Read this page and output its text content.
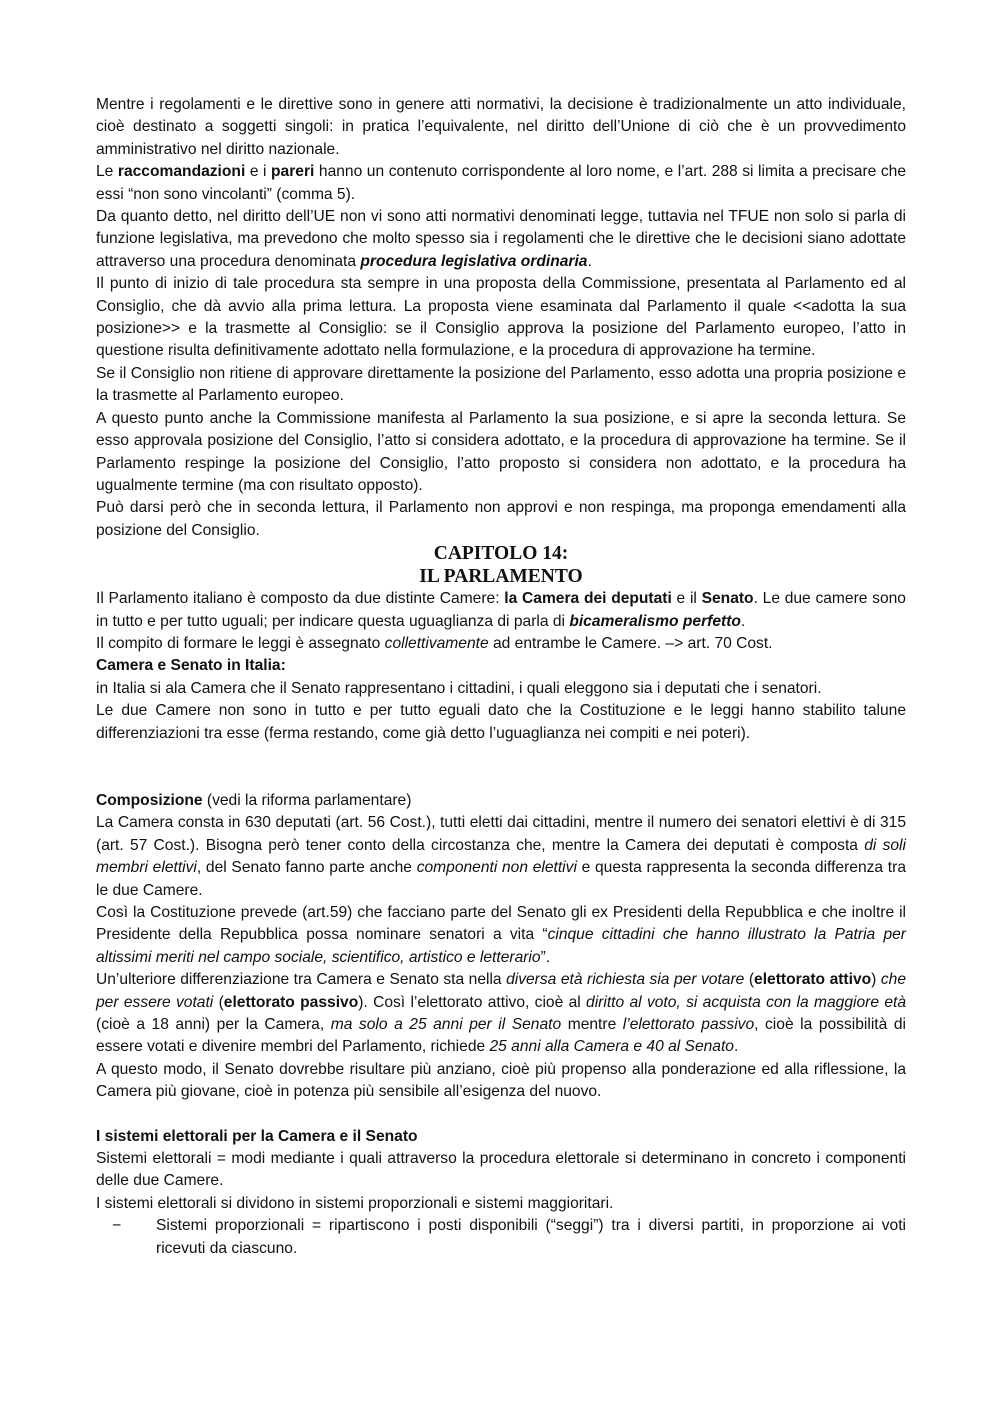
Mentre i regolamenti e le direttive sono in genere atti normativi, la decisione è tradizionalmente un atto individuale, cioè destinato a soggetti singoli: in pratica l’equivalente, nel diritto dell’Unione di ciò che è un provvedimento amministrativo nel diritto nazionale.

Le raccomandazioni e i pareri hanno un contenuto corrispondente al loro nome, e l’art. 288 si limita a precisare che essi “non sono vincolanti” (comma 5).

Da quanto detto, nel diritto dell’UE non vi sono atti normativi denominati legge, tuttavia nel TFUE non solo si parla di funzione legislativa, ma prevedono che molto spesso sia i regolamenti che le direttive che le decisioni siano adottate attraverso una procedura denominata procedura legislativa ordinaria.

Il punto di inizio di tale procedura sta sempre in una proposta della Commissione, presentata al Parlamento ed al Consiglio, che dà avvio alla prima lettura. La proposta viene esaminata dal Parlamento il quale <<adotta la sua posizione>> e la trasmette al Consiglio: se il Consiglio approva la posizione del Parlamento europeo, l’atto in questione risulta definitivamente adottato nella formulazione, e la procedura di approvazione ha termine.

Se il Consiglio non ritiene di approvare direttamente la posizione del Parlamento, esso adotta una propria posizione e la trasmette al Parlamento europeo.

A questo punto anche la Commissione manifesta al Parlamento la sua posizione, e si apre la seconda lettura. Se esso approvala posizione del Consiglio, l’atto si considera adottato, e la procedura di approvazione ha termine. Se il Parlamento respinge la posizione del Consiglio, l’atto proposto si considera non adottato, e la procedura ha ugualmente termine (ma con risultato opposto).

Può darsi però che in seconda lettura, il Parlamento non approvi e non respinga, ma proponga emendamenti alla posizione del Consiglio.

CAPITOLO 14:
IL PARLAMENTO

Il Parlamento italiano è composto da due distinte Camere: la Camera dei deputati e il Senato. Le due camere sono in tutto e per tutto uguali; per indicare questa uguaglianza di parla di bicameralismo perfetto.

Il compito di formare le leggi è assegnato collettivamente ad entrambe le Camere. –> art. 70 Cost.

Camera e Senato in Italia:

in Italia si ala Camera che il Senato rappresentano i cittadini, i quali eleggono sia i deputati che i senatori.

Le due Camere non sono in tutto e per tutto eguali dato che la Costituzione e le leggi hanno stabilito talune differenziazioni tra esse (ferma restando, come già detto l’uguaglianza nei compiti e nei poteri).

Composizione (vedi la riforma parlamentare)

La Camera consta in 630 deputati (art. 56 Cost.), tutti eletti dai cittadini, mentre il numero dei senatori elettivi è di 315 (art. 57 Cost.). Bisogna però tener conto della circostanza che, mentre la Camera dei deputati è composta di soli membri elettivi, del Senato fanno parte anche componenti non elettivi e questa rappresenta la seconda differenza tra le due Camere.

Così la Costituzione prevede (art.59) che facciano parte del Senato gli ex Presidenti della Repubblica e che inoltre il Presidente della Repubblica possa nominare senatori a vita “cinque cittadini che hanno illustrato la Patria per altissimi meriti nel campo sociale, scientifico, artistico e letterario”.

Un’ulteriore differenziazione tra Camera e Senato sta nella diversa età richiesta sia per votare (elettorato attivo) che per essere votati (elettorato passivo). Così l’elettorato attivo, cioè al diritto al voto, si acquista con la maggiore età (cioè a 18 anni) per la Camera, ma solo a 25 anni per il Senato mentre l’elettorato passivo, cioè la possibilità di essere votati e divenire membri del Parlamento, richiede 25 anni alla Camera e 40 al Senato.

A questo modo, il Senato dovrebbe risultare più anziano, cioè più propenso alla ponderazione ed alla riflessione, la Camera più giovane, cioè in potenza più sensibile all’esigenza del nuovo.

I sistemi elettorali per la Camera e il Senato

Sistemi elettorali = modi mediante i quali attraverso la procedura elettorale si determinano in concreto i componenti delle due Camere.

I sistemi elettorali si dividono in sistemi proporzionali e sistemi maggioritari.

− Sistemi proporzionali = ripartiscono i posti disponibili (“seggi”) tra i diversi partiti, in proporzione ai voti ricevuti da ciascuno.
